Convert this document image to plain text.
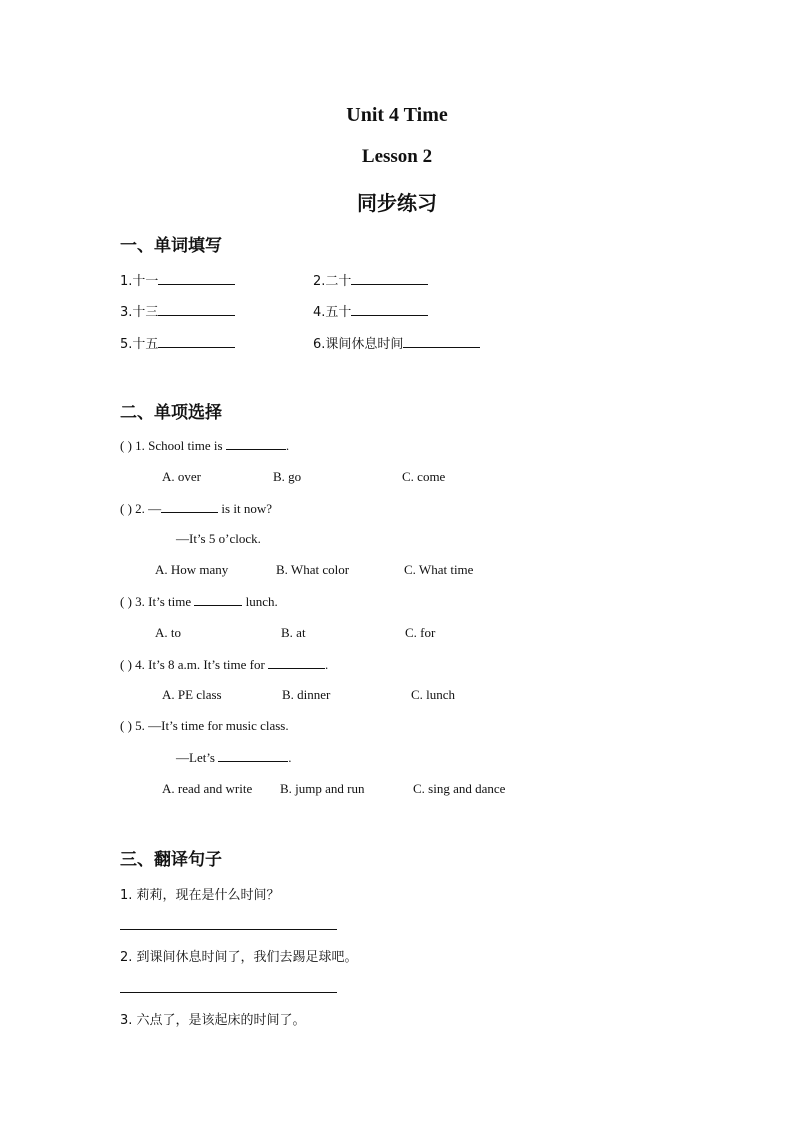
Unit 4 Time
Lesson 2
同步练习
一、单词填写
1.十一	2.二十
3.十三	4.五十
5.十五	6.课间休息时间
二、单项选择
( ) 1. School time is	.
A. over	B. go	C. come
( ) 2. —	is it now?
—It’s 5 o’clock.
A. How many	B. What color	C. What time
( ) 3. It’s time	lunch.
A. to	B. at	C. for
( ) 4. It’s 8 a.m. It’s time for	.
A. PE class	B. dinner	C. lunch
( ) 5. —It’s time for music class.
—Let’s	.
A. read and write B. jump and run	C. sing and dance
三、翻译句子
1. 莉莉，现在是什么时间？
2. 到课间休息时间了，我们去踢足球吧。
3. 六点了，是该起床的时间了。
